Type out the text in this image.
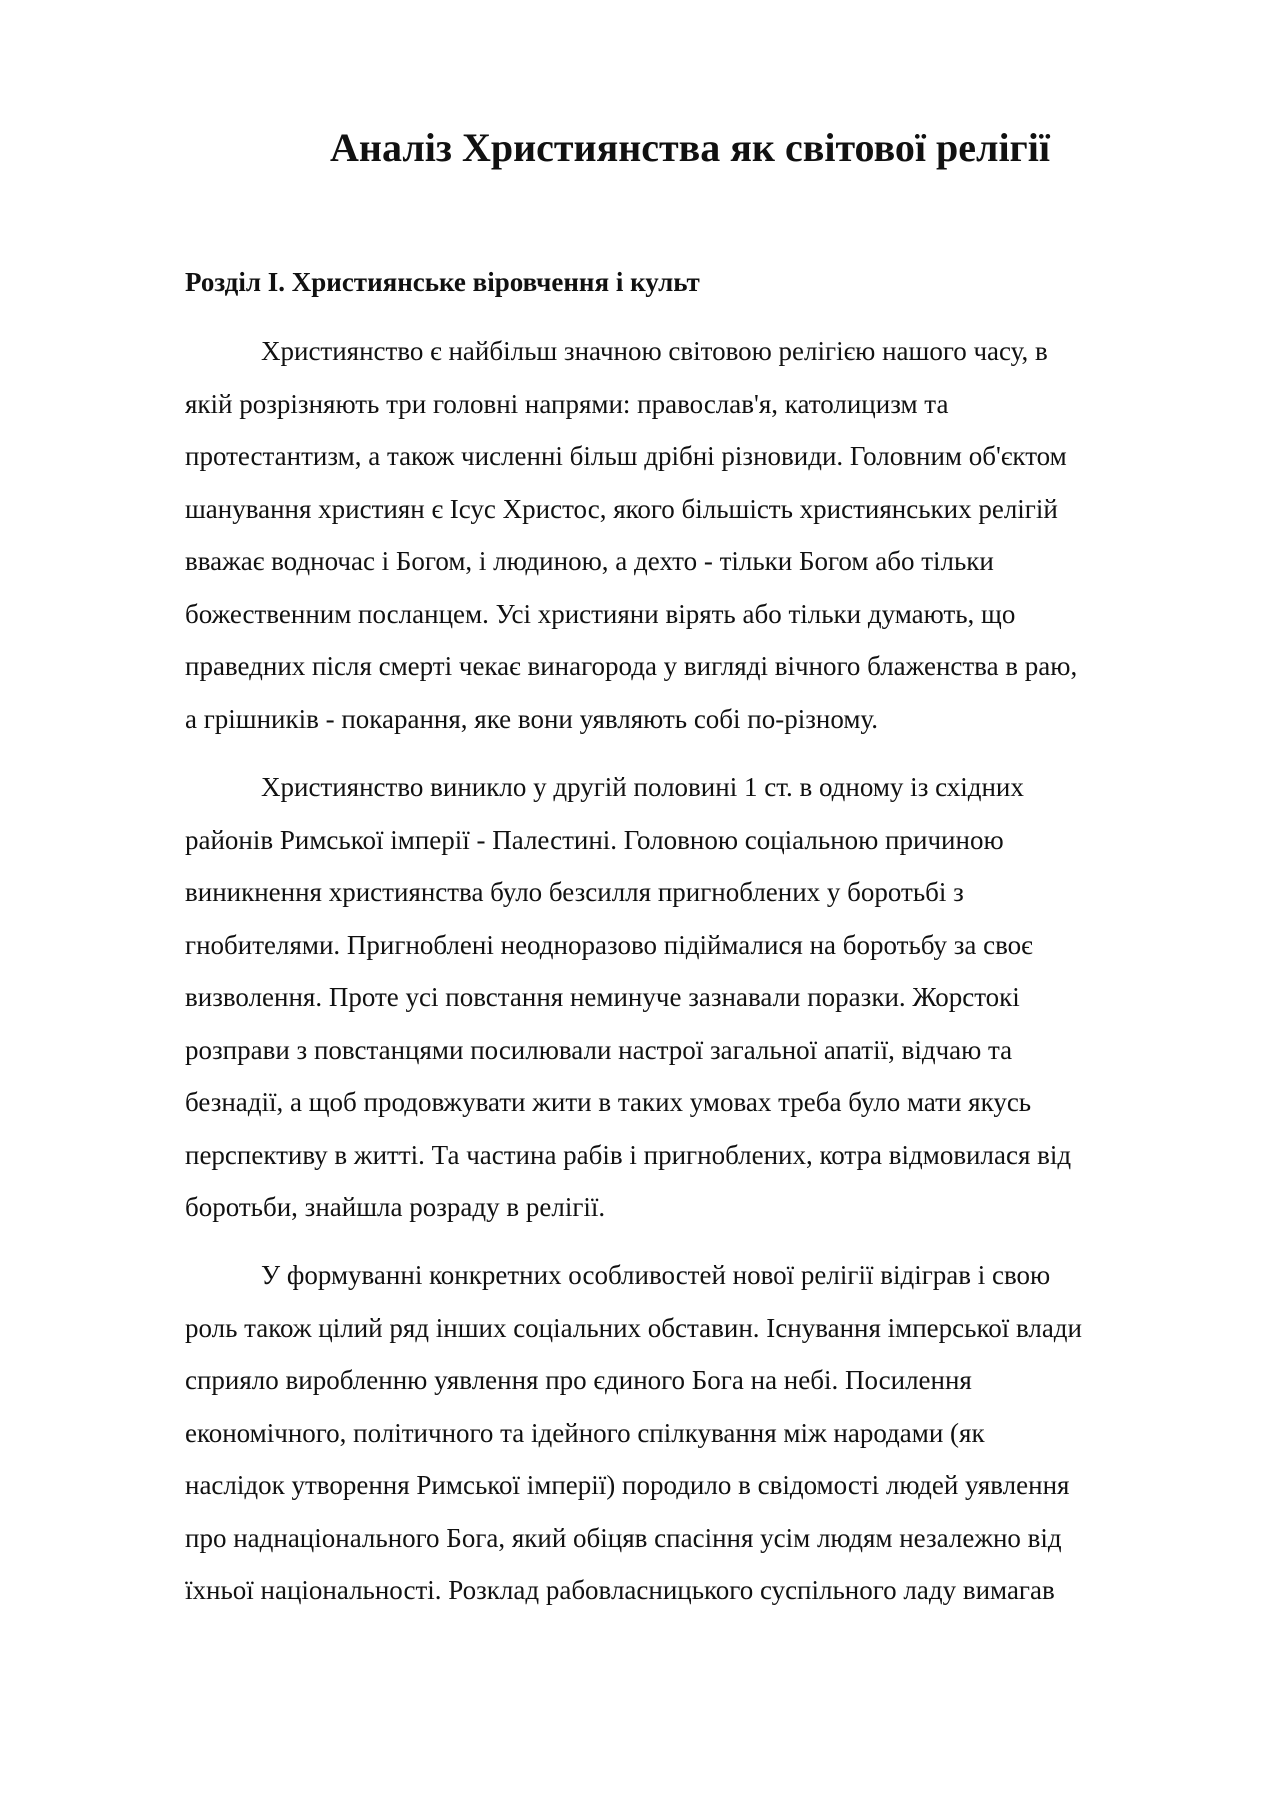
Аналіз Християнства як світової релігії
Розділ І. Християнське віровчення і культ
Християнство є найбільш значною світовою релігією нашого часу, в
якій розрізняють три головні напрями: православ'я, католицизм та
протестантизм, а також численні більш дрібні різновиди. Головним об'єктом
шанування християн є Ісус Христос, якого більшість християнських релігій
вважає водночас і Богом, і людиною, а дехто - тільки Богом або тільки
божественним посланцем. Усі християни вірять або тільки думають, що
праведних після смерті чекає винагорода у вигляді вічного блаженства в раю,
а грішників - покарання, яке вони уявляють собі по-різному.
Християнство виникло у другій половині 1 ст. в одному із східних
районів Римської імперії - Палестині. Головною соціальною причиною
виникнення християнства було безсилля пригноблених у боротьбі з
гнобителями. Пригноблені неодноразово підіймалися на боротьбу за своє
визволення. Проте усі повстання неминуче зазнавали поразки. Жорстокі
розправи з повстанцями посилювали настрої загальної апатії, відчаю та
безнадії, а щоб продовжувати жити в таких умовах треба було мати якусь
перспективу в житті. Та частина рабів і пригноблених, котра відмовилася від
боротьби, знайшла розраду в релігії.
У формуванні конкретних особливостей нової релігії відіграв і свою
роль також цілий ряд інших соціальних обставин. Існування імперської влади
сприяло виробленню уявлення про єдиного Бога на небі. Посилення
економічного, політичного та ідейного спілкування між народами (як
наслідок утворення Римської імперії) породило в свідомості людей уявлення
про наднаціонального Бога, який обіцяв спасіння усім людям незалежно від
їхньої національності. Розклад рабовласницького суспільного ладу вимагав
